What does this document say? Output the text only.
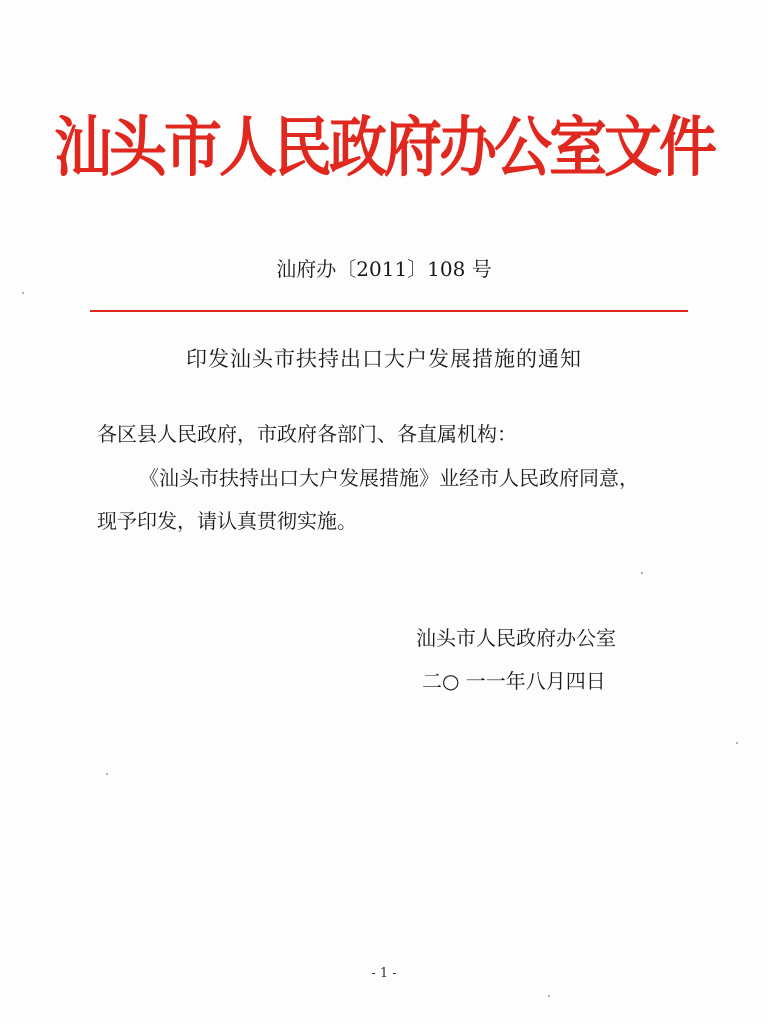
汕头市人民政府办公室文件
汕府办〔2011〕108 号
印发汕头市扶持出口大户发展措施的通知
各区县人民政府，市政府各部门、各直属机构：
《汕头市扶持出口大户发展措施》业经市人民政府同意，
现予印发，请认真贯彻实施。
汕头市人民政府办公室
二○ 一一年八月四日
- 1 -
